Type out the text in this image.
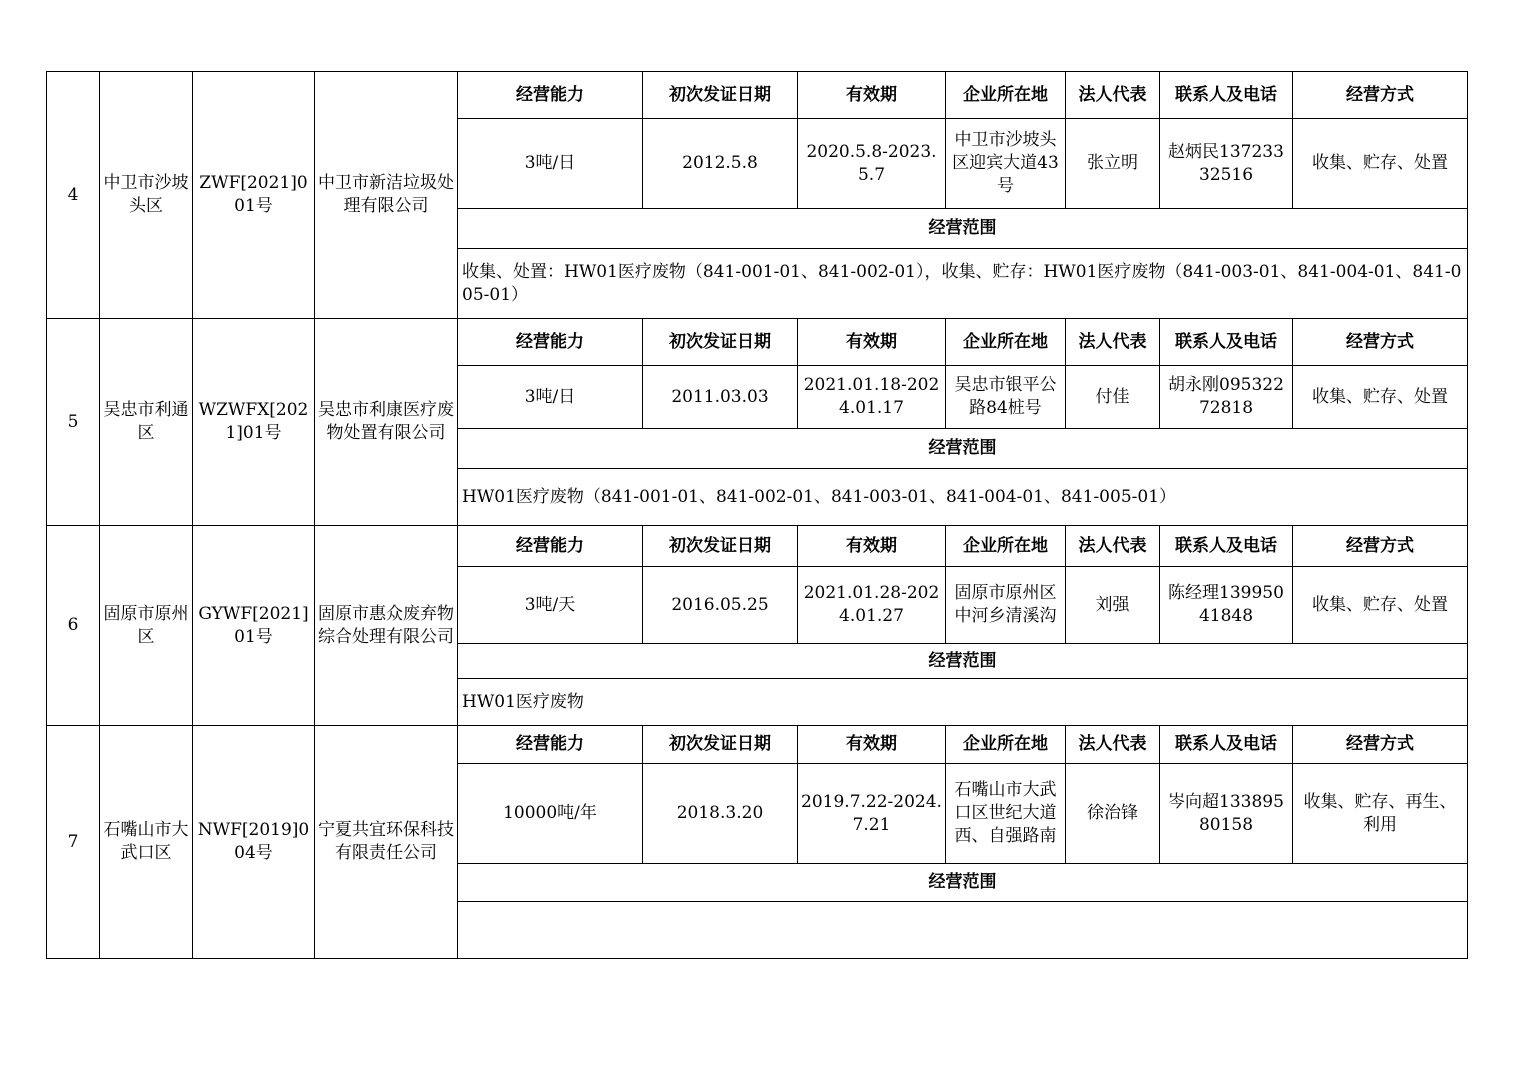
4	中卫市沙坡头区	ZWF[2021]001号	中卫市新洁垃圾处理有限公司	经营能力	初次发证日期	有效期	企业所在地	法人代表	联系人及电话	经营方式
				3吨/日	2012.5.8	2020.5.8-2023.5.7	中卫市沙坡头区迎宾大道43号	张立明	赵炳民13723332516	收集、贮存、处置
				经营范围						
				收集、处置：HW01医疗废物（841-001-01、841-002-01），收集、贮存：HW01医疗废物（841-003-01、841-004-01、841-005-01）						

5	吴忠市利通区	WZWFX[2021]01号	吴忠市利康医疗废物处置有限公司	经营能力	初次发证日期	有效期	企业所在地	法人代表	联系人及电话	经营方式
				3吨/日	2011.03.03	2021.01.18-2024.01.17	吴忠市银平公路84桩号	付佳	胡永刚09532272818	收集、贮存、处置
				经营范围						
				HW01医疗废物（841-001-01、841-002-01、841-003-01、841-004-01、841-005-01）						
6	固原市原州区	GYWF[2021]01号	固原市惠众废弃物综合处理有限公司	经营能力	初次发证日期	有效期	企业所在地	法人代表	联系人及电话	经营方式
				3吨/天	2016.05.25	2021.01.28-2024.01.27	固原市原州区中河乡清溪沟	刘强	陈经理13995041848	收集、贮存、处置
				经营范围						
				HW01医疗废物						
7	石嘴山市大武口区	NWF[2019]004号	宁夏共宜环保科技有限责任公司	经营能力	初次发证日期	有效期	企业所在地	法人代表	联系人及电话	经营方式
				10000吨/年	2018.3.20	2019.7.22-2024.7.21	石嘴山市大武口区世纪大道西、自强路南	徐治锋	岑向超13389580158	收集、贮存、再生、利用
				经营范围						
